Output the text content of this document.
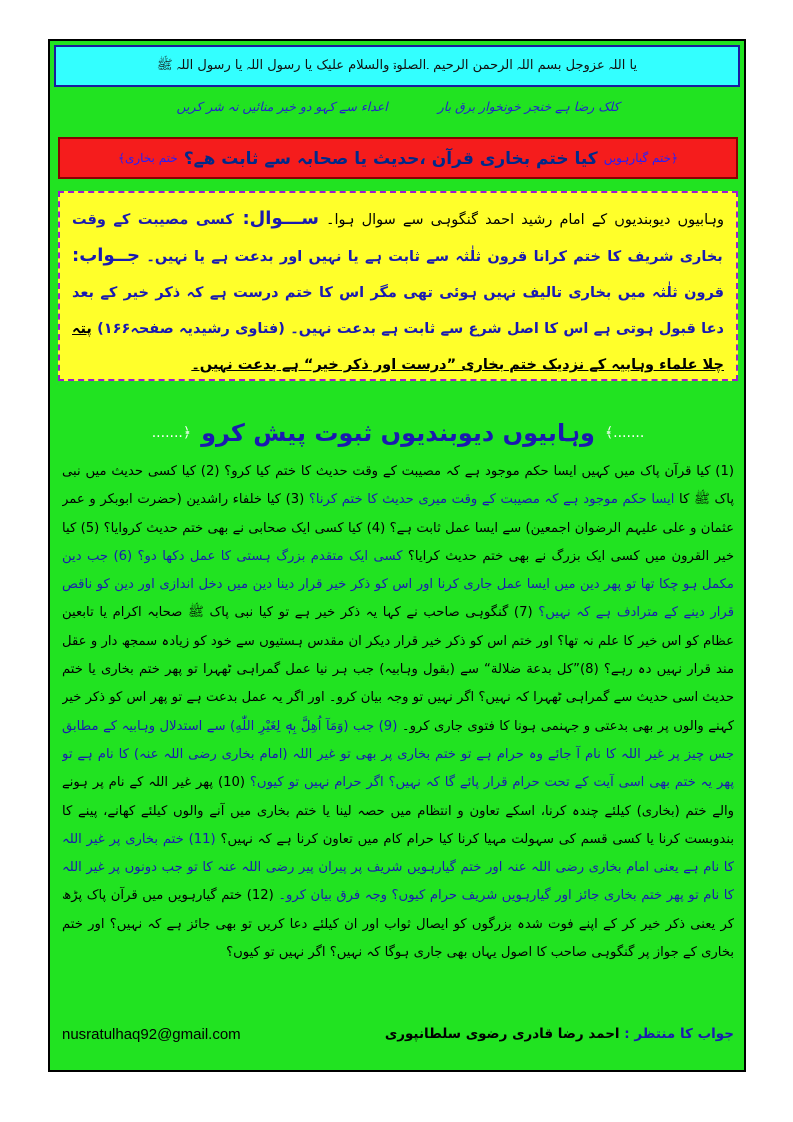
یا اللہ عزوجل بسم اللہ الرحمن الرحیم ۔الصلوۃ والسلام علیک یا رسول اللہ یا رسول اللہ ﷺ
کلک رضا ہے خنجر خونخوار برق بار
اعداء سے کہو دو خیر منائیں نہ شر کریں
﴿ختم گیارہویں
کیا ختم بخاری قرآن ،حدیث یا صحابہ سے ثابت ھے؟
ختم بخاری﴾
وہابیوں دیوبندیوں کے امام رشید احمد گنگوہی سے سوال ہوا۔ ســـوال: کسی مصیبت کے وقت بخاری شریف کا ختم کرانا قرون ثلٰثہ سے ثابت ہے یا نہیں اور بدعت ہے یا نہیں۔ جــواب: قرون ثلٰثہ میں بخاری تالیف نہیں ہوئی تھی مگر اس کا ختم درست ہے کہ ذکر خیر کے بعد دعا قبول ہوتی ہے اس کا اصل شرع سے ثابت ہے بدعت نہیں۔ (فتاوی رشیدیہ صفحہ۱۶۶) پتہ چلا علماء وہابیہ کے نزدیک ختم بخاری ”درست اور ذکر خیر“ ہے بدعت نہیں۔
.......﴾
وہابیوں دیوبندیوں ثبوت پیش کرو
﴿.......
(1) کیا قرآن پاک میں کہیں ایسا حکم موجود ہے کہ مصیبت کے وقت حدیث کا ختم کیا کرو؟ (2) کیا کسی حدیث میں نبی پاک ﷺ کا ایسا حکم موجود ہے کہ مصیبت کے وقت میری حدیث کا ختم کرنا؟ (3) کیا خلفاء راشدین (حضرت ابوبکر و عمر عثمان و علی علیہم الرضوان اجمعین) سے ایسا عمل ثابت ہے؟ (4) کیا کسی ایک صحابی نے بھی ختم حدیث کروایا؟ (5) کیا خیر القرون میں کسی ایک بزرگ نے بھی ختم حدیث کرایا؟ کسی ایک متقدم بزرگ ہستی کا عمل دکھا دو؟ (6) جب دین مکمل ہو چکا تھا تو پھر دین میں ایسا عمل جاری کرنا اور اس کو ذکر خیر قرار دینا دین میں دخل اندازی اور دین کو ناقص قرار دینے کے مترادف ہے کہ نہیں؟ (7) گنگوہی صاحب نے کہا یہ ذکر خیر ہے تو کیا نبی پاک ﷺ صحابہ اکرام یا تابعین عظام کو اس خیر کا علم نہ تھا؟ اور ختم اس کو ذکر خیر قرار دیکر ان مقدس ہستیوں سے خود کو زیادہ سمجھ دار و عقل مند قرار نہیں دہ رہے؟ (8)”کل بدعة ضلالة“ سے (بقول وہابیہ) جب ہر نیا عمل گمراہی ٹھہرا تو پھر ختم بخاری یا ختم حدیث اسی حدیث سے گمراہی ٹھہرا کہ نہیں؟ اگر نہیں تو وجہ بیان کرو۔ اور اگر یہ عمل بدعت ہے تو پھر اس کو ذکر خیر کہنے والوں پر بھی بدعتی و جہنمی ہونا کا فتوی جاری کرو۔ (9) جب (وَمَآ اُهِلَّ بِهٖ لِغَيْرِ اللّٰهِ) سے استدلال وہابیہ کے مطابق جس چیز پر غیر اللہ کا نام آ جائے وہ حرام ہے تو ختم بخاری پر بھی تو غیر اللہ (امام بخاری رضی اللہ عنہ) کا نام ہے تو پھر یہ ختم بھی اسی آیت کے تحت حرام قرار پائے گا کہ نہیں؟ اگر حرام نہیں تو کیوں؟ (10) پھر غیر اللہ کے نام پر ہونے والے ختم (بخاری) کیلئے چندہ کرنا، اسکے تعاون و انتظام میں حصہ لینا یا ختم بخاری میں آنے والوں کیلئے کھانے، پینے کا بندوبست کرنا یا کسی قسم کی سہولت مہیا کرنا کیا حرام کام میں تعاون کرنا ہے کہ نہیں؟ (11) ختم بخاری پر غیر اللہ کا نام ہے یعنی امام بخاری رضی اللہ عنہ اور ختم گیارہویں شریف پر پیران پیر رضی اللہ عنہ کا تو جب دونوں پر غیر اللہ کا نام تو پھر ختم بخاری جائز اور گیارہویں شریف حرام کیوں؟ وجہ فرق بیان کرو۔ (12) ختم گیارہویں میں قرآن پاک پڑھ کر یعنی ذکر خیر کر کے اپنے فوت شدہ بزرگوں کو ایصال ثواب اور ان کیلئے دعا کریں تو بھی جائز ہے کہ نہیں؟ اور ختم بخاری کے جواز پر گنگوہی صاحب کا اصول یہاں بھی جاری ہوگا کہ نہیں؟ اگر نہیں تو کیوں؟
nusratulhaq92@gmail.com	جواب کا منتظر : احمد رضا قادری رضوی سلطانپوری
